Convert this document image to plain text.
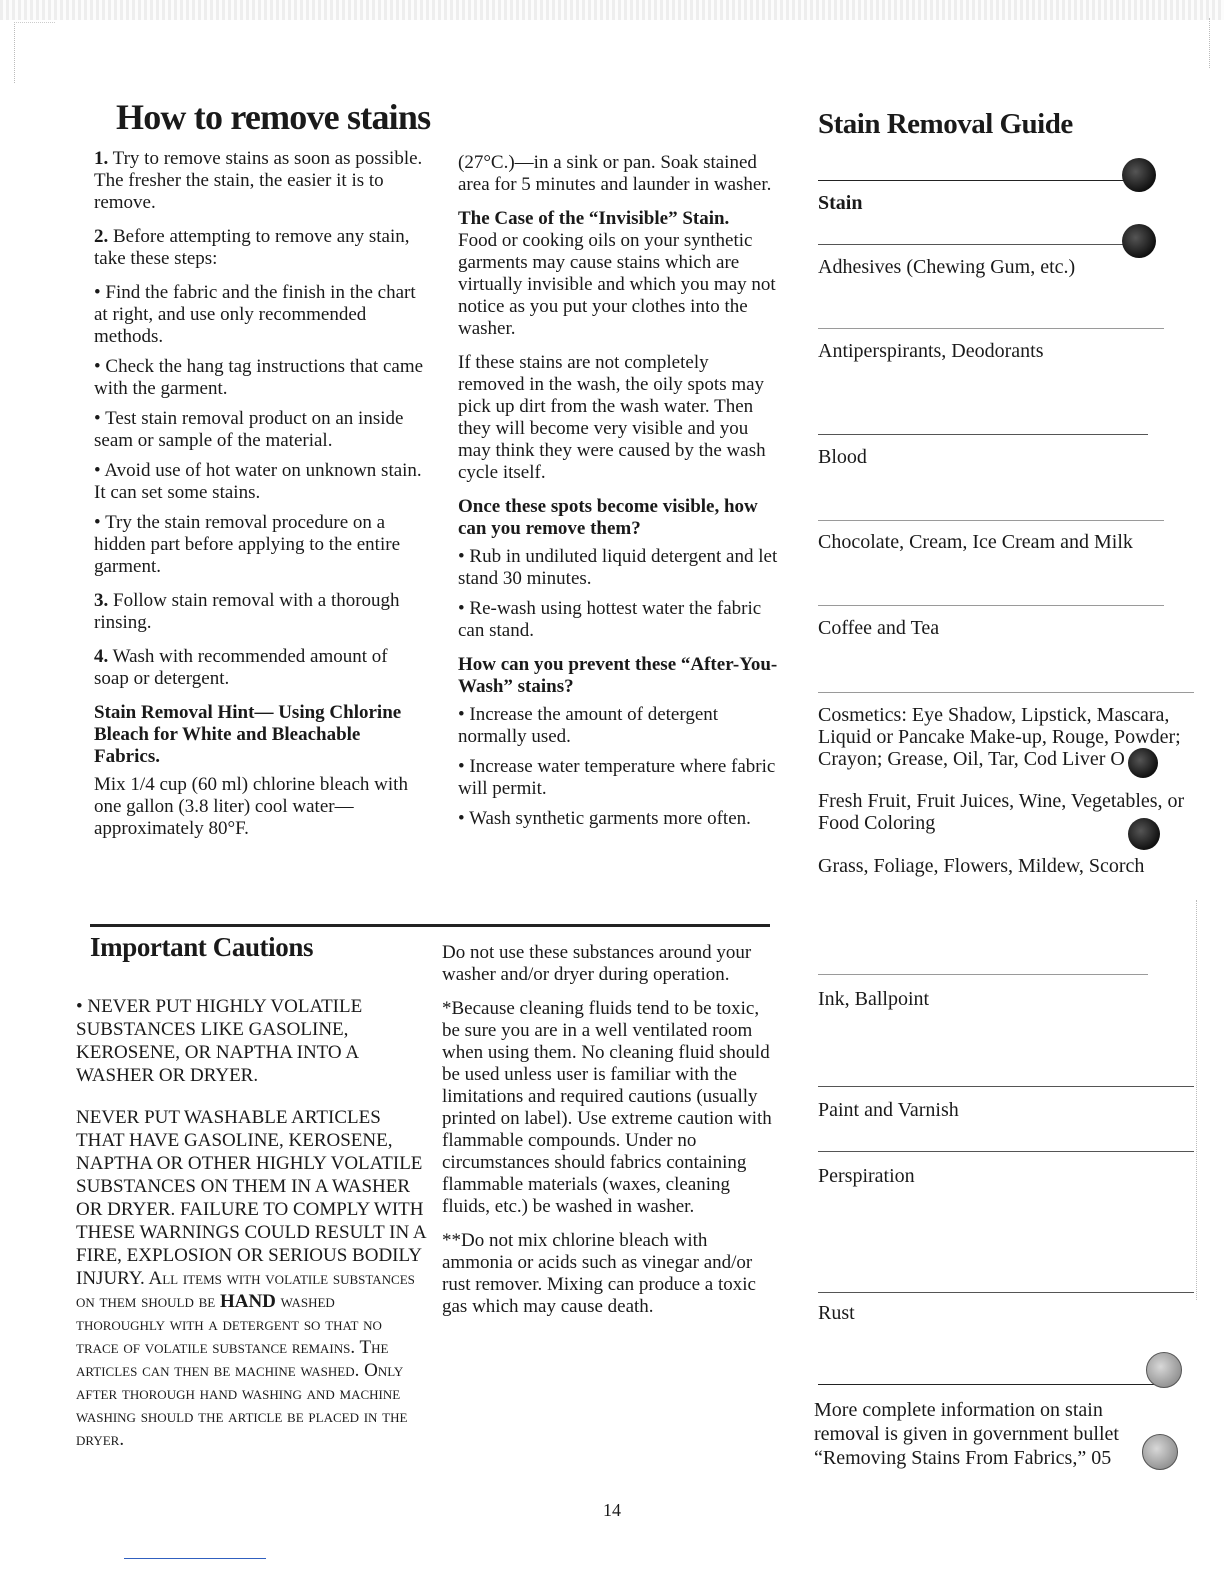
How to remove stains

1. Try to remove stains as soon as possible. The fresher the stain, the easier it is to remove.

2. Before attempting to remove any stain, take these steps:

• Find the fabric and the finish in the chart at right, and use only recommended methods.

• Check the hang tag instructions that came with the garment.

• Test stain removal product on an inside seam or sample of the material.

• Avoid use of hot water on unknown stain. It can set some stains.

• Try the stain removal procedure on a hidden part before applying to the entire garment.

3. Follow stain removal with a thorough rinsing.

4. Wash with recommended amount of soap or detergent.

Stain Removal Hint— Using Chlorine Bleach for White and Bleachable Fabrics.

Mix 1/4 cup (60 ml) chlorine bleach with one gallon (3.8 liter) cool water—approximately 80°F.

(27°C.)—in a sink or pan. Soak stained area for 5 minutes and launder in washer.

The Case of the “Invisible” Stain.

Food or cooking oils on your synthetic garments may cause stains which are virtually invisible and which you may not notice as you put your clothes into the washer.

If these stains are not completely removed in the wash, the oily spots may pick up dirt from the wash water. Then they will become very visible and you may think they were caused by the wash cycle itself.

Once these spots become visible, how can you remove them?

• Rub in undiluted liquid detergent and let stand 30 minutes.

• Re-wash using hottest water the fabric can stand.

How can you prevent these “After-You-Wash” stains?

• Increase the amount of detergent normally used.

• Increase water temperature where fabric will permit.

• Wash synthetic garments more often.

Important Cautions

• NEVER PUT HIGHLY VOLATILE SUBSTANCES LIKE GASOLINE, KEROSENE, OR NAPTHA INTO A WASHER OR DRYER.

NEVER PUT WASHABLE ARTICLES THAT HAVE GASOLINE, KEROSENE, NAPTHA OR OTHER HIGHLY VOLATILE SUBSTANCES ON THEM IN A WASHER OR DRYER. FAILURE TO COMPLY WITH THESE WARNINGS COULD RESULT IN A FIRE, EXPLOSION OR SERIOUS BODILY INJURY. All items with volatile substances on them should be HAND washed thoroughly with a detergent so that no trace of volatile substance remains. The articles can then be machine washed. Only after thorough hand washing and machine washing should the article be placed in the dryer.

Do not use these substances around your washer and/or dryer during operation.

*Because cleaning fluids tend to be toxic, be sure you are in a well ventilated room when using them. No cleaning fluid should be used unless user is familiar with the limitations and required cautions (usually printed on label). Use extreme caution with flammable compounds. Under no circumstances should fabrics containing flammable materials (waxes, cleaning fluids, etc.) be washed in washer.

**Do not mix chlorine bleach with ammonia or acids such as vinegar and/or rust remover. Mixing can produce a toxic gas which may cause death.

Stain Removal Guide

Stain

Adhesives (Chewing Gum, etc.)

Antiperspirants, Deodorants

Blood

Chocolate, Cream, Ice Cream and Milk

Coffee and Tea

Cosmetics: Eye Shadow, Lipstick, Mascara, Liquid or Pancake Make-up, Rouge, Powder; Crayon; Grease, Oil, Tar, Cod Liver O

Fresh Fruit, Fruit Juices, Wine, Vegetables, or Food Coloring

Grass, Foliage, Flowers, Mildew, Scorch

Ink, Ballpoint

Paint and Varnish

Perspiration

Rust

More complete information on stain removal is given in government bullet “Removing Stains From Fabrics,” 05

14
